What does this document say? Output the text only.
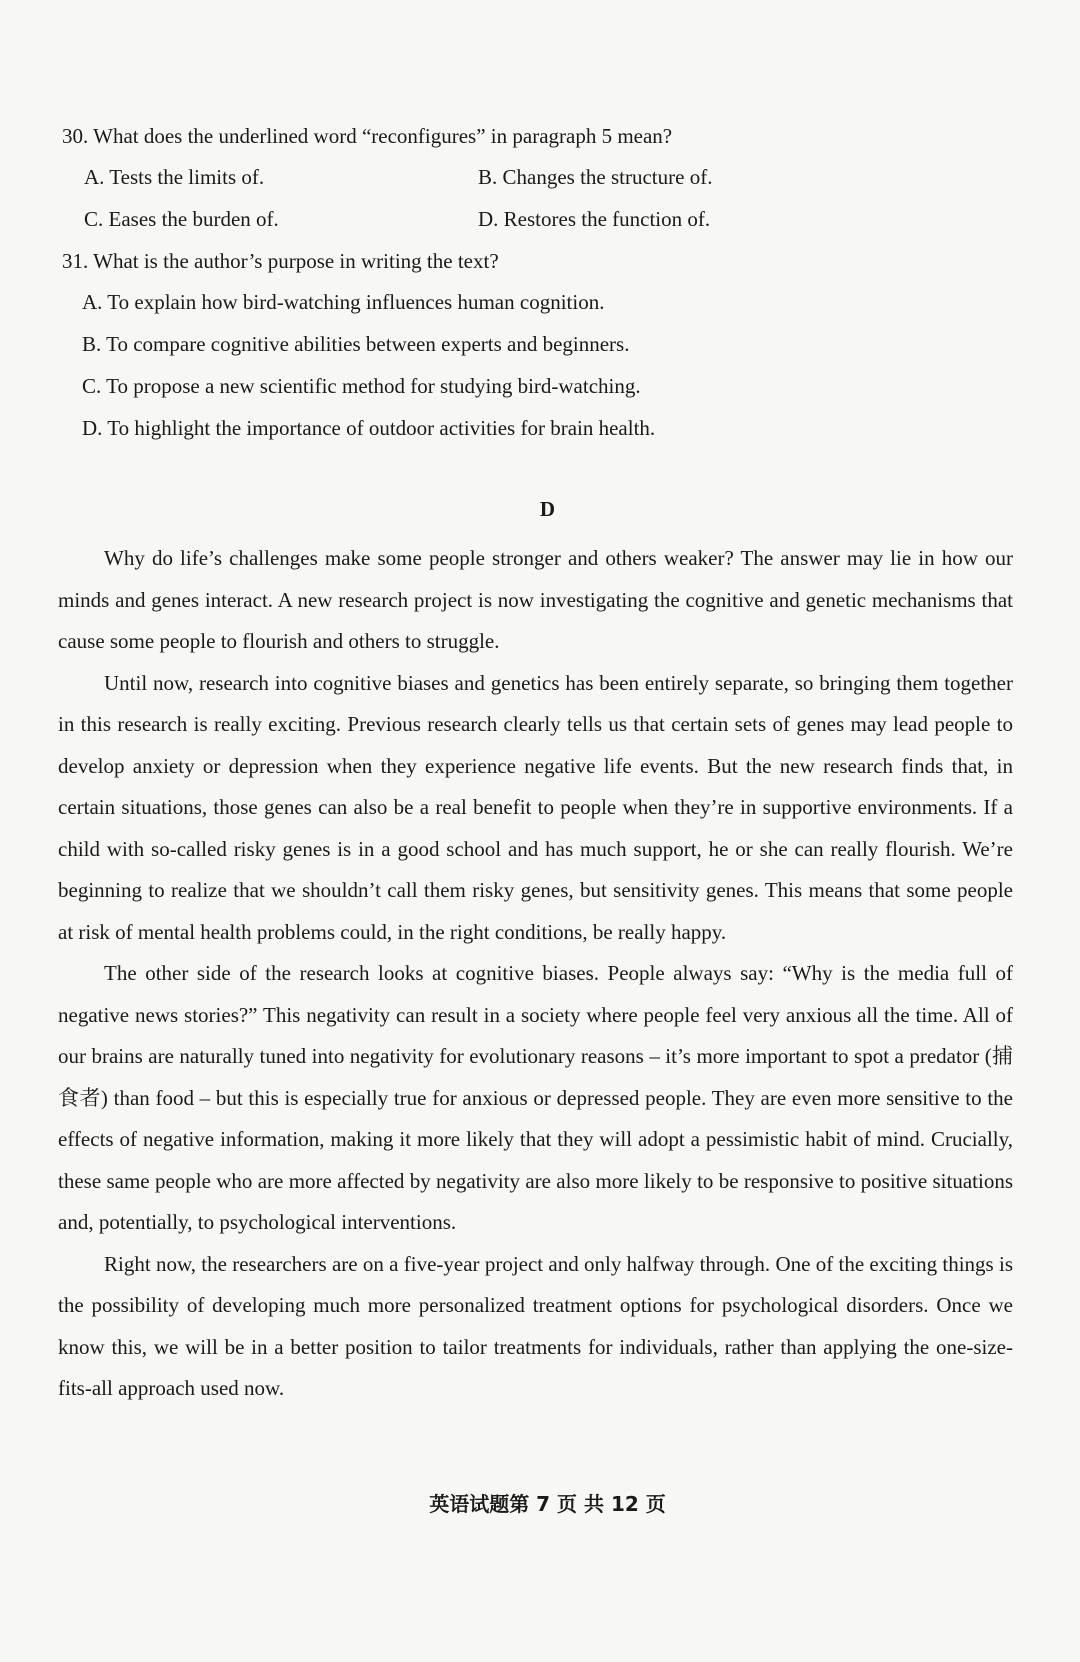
30. What does the underlined word “reconfigures” in paragraph 5 mean?
A. Tests the limits of.	B. Changes the structure of.
C. Eases the burden of.	D. Restores the function of.
31. What is the author’s purpose in writing the text?
A. To explain how bird-watching influences human cognition.
B. To compare cognitive abilities between experts and beginners.
C. To propose a new scientific method for studying bird-watching.
D. To highlight the importance of outdoor activities for brain health.
D

Why do life’s challenges make some people stronger and others weaker? The answer may lie in how our minds and genes interact. A new research project is now investigating the cognitive and genetic mechanisms that cause some people to flourish and others to struggle.

Until now, research into cognitive biases and genetics has been entirely separate, so bringing them together in this research is really exciting. Previous research clearly tells us that certain sets of genes may lead people to develop anxiety or depression when they experience negative life events. But the new research finds that, in certain situations, those genes can also be a real benefit to people when they’re in supportive environments. If a child with so-called risky genes is in a good school and has much support, he or she can really flourish. We’re beginning to realize that we shouldn’t call them risky genes, but sensitivity genes. This means that some people at risk of mental health problems could, in the right conditions, be really happy.

The other side of the research looks at cognitive biases. People always say: “Why is the media full of negative news stories?” This negativity can result in a society where people feel very anxious all the time. All of our brains are naturally tuned into negativity for evolutionary reasons – it’s more important to spot a predator (捕食者) than food – but this is especially true for anxious or depressed people. They are even more sensitive to the effects of negative information, making it more likely that they will adopt a pessimistic habit of mind. Crucially, these same people who are more affected by negativity are also more likely to be responsive to positive situations and, potentially, to psychological interventions.

Right now, the researchers are on a five-year project and only halfway through. One of the exciting things is the possibility of developing much more personalized treatment options for psychological disorders. Once we know this, we will be in a better position to tailor treatments for individuals, rather than applying the one-size-fits-all approach used now.

英语试题第 7 页 共 12 页
